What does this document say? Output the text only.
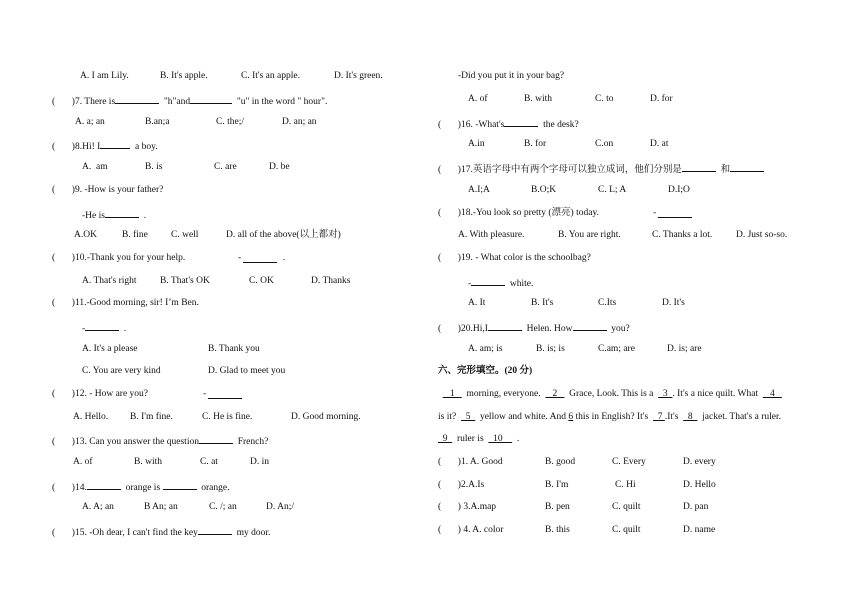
A. I am Lily.	B. It's apple.	C. It's an apple.	D. It's green.
(       )7. There is	"h"and	"u" in the word " hour".
A. a; an	B.an;a	C. the;/	D. an; an
(       )8.Hi! I	a boy.
A.  am	B. is	C. are	D. be
(       )9. -How is your father?
-He is	.
A.OK	B. fine C. well	D. all of the above(以上都对)
(       )10.-Thank you for your help.	-	.
A. That's right B. That's OK	C. OK	D. Thanks
(       )11.-Good morning, sir! I’m Ben.
-	.
A. It's a please	B. Thank you
C. You are very kind	D. Glad to meet you
(       )12. - How are you?	-
A. Hello. B. I'm fine.	C. He is fine.	D. Good morning.
(       )13. Can you answer the question	French?
A. of	B. with	C. at	D. in
(       )14.	orange is	orange.
A. A; an	B An; an	C. /; an	D. An;/
(       )15. -Oh dear, I can't find the key	my door.
-Did you put it in your bag?
A. of	B. with	C. to	D. for
(       )16. -What's	the desk?
A.in	B. for	C.on	D. at
(       )17.英语字母中有两个字母可以独立成词，他们分别是	和
A.I;A	B.O;K	C. L; A	D.I;O
(       )18.-You look so pretty (漂亮) today.	-
A. With pleasure.	B. You are right.	C. Thanks a lot. D. Just so-so.
(       )19. - What color is the schoolbag?
-	white.
A. It	B. It's	C.Its	D. It's
(       )20.Hi,I	Helen. How	you?
A. am; is	B. is; is	C.am; are	D. is; are
六、完形填空。(20 分)
1     morning, everyone.     2     Grace, Look. This is a    3  . It's a nice quilt. What     4
is it?    5    yellow and white. And 6 this in English? It's    7 .It's    8    jacket. That's a ruler.
9    ruler is    10      .
(       )1. A. Good	B. good	C. Every	D. every
(       )2.A.Is	B. I'm	C. Hi	D. Hello
(       ) 3.A.map	B. pen	C. quilt	D. pan
(       ) 4. A. color	B. this	C. quilt	D. name
